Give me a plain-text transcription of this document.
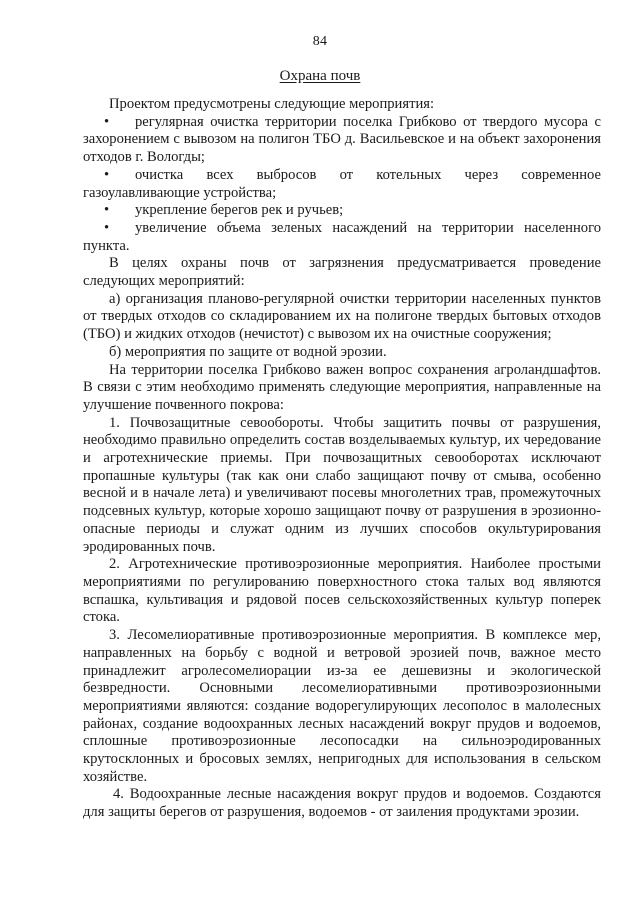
84
Охрана почв

Проектом предусмотрены следующие мероприятия:

• регулярная очистка территории поселка Грибково от твердого мусора с захоронением с вывозом на полигон ТБО д. Васильевское и на объект захоронения отходов г. Вологды;

• очистка всех выбросов от котельных через современное газоулавливающие устройства;

• укрепление берегов рек и ручьев;

• увеличение объема зеленых насаждений на территории населенного пункта.

В целях охраны почв от загрязнения предусматривается проведение следующих мероприятий:

а) организация планово-регулярной очистки территории населенных пунктов от твердых отходов со складированием их на полигоне твердых бытовых отходов (ТБО) и жидких отходов (нечистот) с вывозом их на очистные сооружения;

б) мероприятия по защите от водной эрозии.

На территории поселка Грибково важен вопрос сохранения агроландшафтов. В связи с этим необходимо применять следующие мероприятия, направленные на улучшение почвенного покрова:

1. Почвозащитные севообороты. Чтобы защитить почвы от разрушения, необходимо правильно определить состав возделываемых культур, их чередование и агротехнические приемы. При почвозащитных севооборотах исключают пропашные культуры (так как они слабо защищают почву от смыва, особенно весной и в начале лета) и увеличивают посевы многолетних трав, промежуточных подсевных культур, которые хорошо защищают почву от разрушения в эрозионно-опасные периоды и служат одним из лучших способов окультурирования эродированных почв.

2. Агротехнические противоэрозионные мероприятия. Наиболее простыми мероприятиями по регулированию поверхностного стока талых вод являются вспашка, культивация и рядовой посев сельскохозяйственных культур поперек стока.

3. Лесомелиоративные противоэрозионные мероприятия. В комплексе мер, направленных на борьбу с водной и ветровой эрозией почв, важное место принадлежит агролесомелиорации из-за ее дешевизны и экологической безвредности. Основными лесомелиоративными противоэрозионными мероприятиями являются: создание водорегулирующих лесополос в малолесных районах, создание водоохранных лесных насаждений вокруг прудов и водоемов, сплошные противоэрозионные лесопосадки на сильноэродированных крутосклонных и бросовых землях, непригодных для использования в сельском хозяйстве.

4. Водоохранные лесные насаждения вокруг прудов и водоемов. Создаются для защиты берегов от разрушения, водоемов - от заиления продуктами эрозии.
